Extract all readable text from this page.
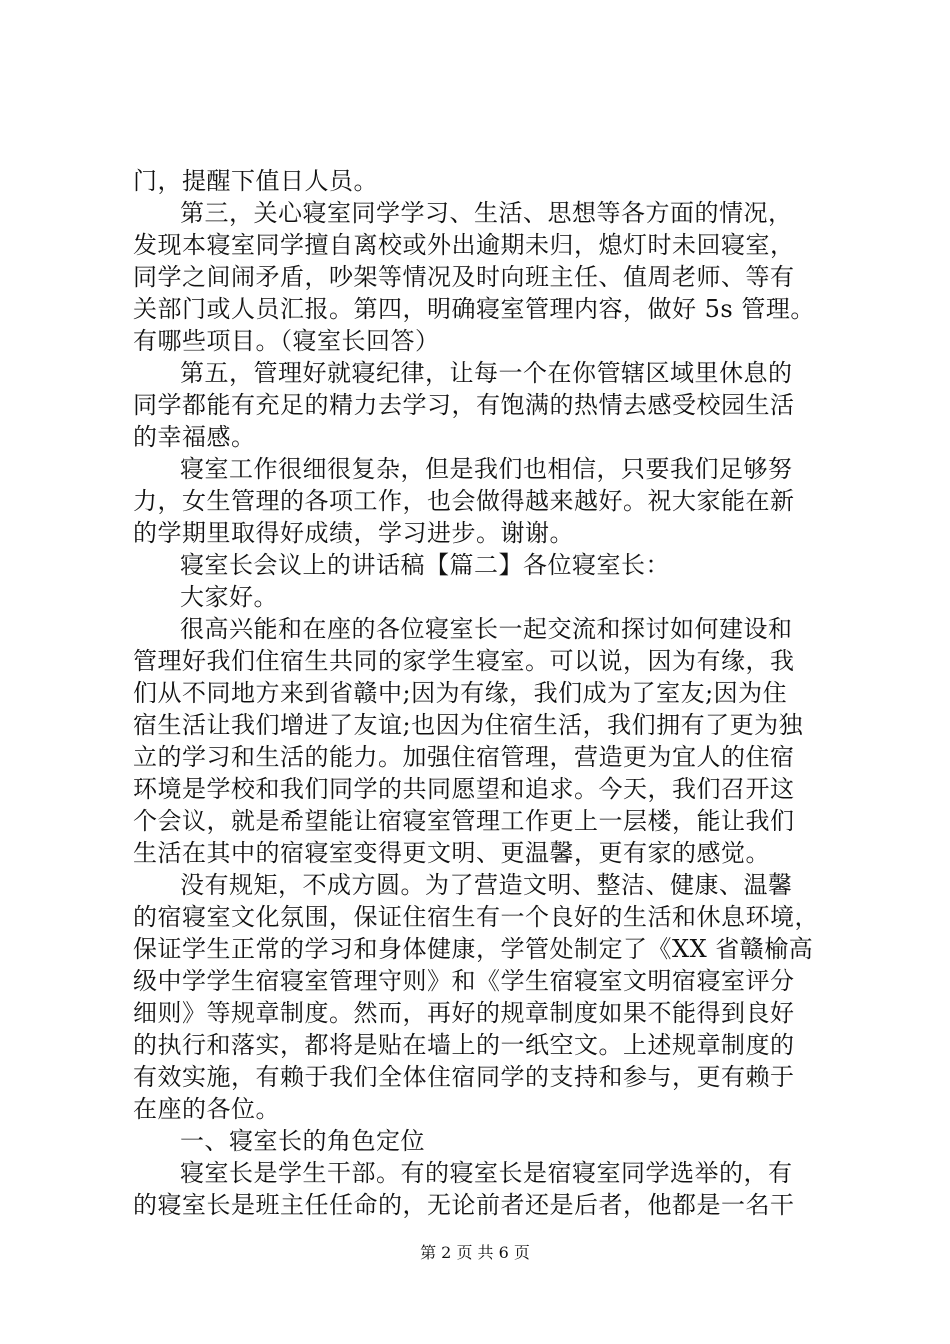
门，提醒下值日人员。
第三，关心寝室同学学习、生活、思想等各方面的情况，
发现本寝室同学擅自离校或外出逾期未归，熄灯时未回寝室，
同学之间闹矛盾，吵架等情况及时向班主任、值周老师、等有
关部门或人员汇报。第四，明确寝室管理内容，做好 5s 管理。
有哪些项目。（寝室长回答）
第五，管理好就寝纪律，让每一个在你管辖区域里休息的
同学都能有充足的精力去学习，有饱满的热情去感受校园生活
的幸福感。
寝室工作很细很复杂，但是我们也相信，只要我们足够努
力，女生管理的各项工作，也会做得越来越好。祝大家能在新
的学期里取得好成绩，学习进步。谢谢。
寝室长会议上的讲话稿【篇二】各位寝室长：
大家好。
很高兴能和在座的各位寝室长一起交流和探讨如何建设和
管理好我们住宿生共同的家学生寝室。可以说，因为有缘，我
们从不同地方来到省赣中;因为有缘，我们成为了室友;因为住
宿生活让我们增进了友谊;也因为住宿生活，我们拥有了更为独
立的学习和生活的能力。加强住宿管理，营造更为宜人的住宿
环境是学校和我们同学的共同愿望和追求。今天，我们召开这
个会议，就是希望能让宿寝室管理工作更上一层楼，能让我们
生活在其中的宿寝室变得更文明、更温馨，更有家的感觉。
没有规矩，不成方圆。为了营造文明、整洁、健康、温馨
的宿寝室文化氛围，保证住宿生有一个良好的生活和休息环境，
保证学生正常的学习和身体健康，学管处制定了《XX 省赣榆高
级中学学生宿寝室管理守则》和《学生宿寝室文明宿寝室评分
细则》等规章制度。然而，再好的规章制度如果不能得到良好
的执行和落实，都将是贴在墙上的一纸空文。上述规章制度的
有效实施，有赖于我们全体住宿同学的支持和参与，更有赖于
在座的各位。
一、寝室长的角色定位
寝室长是学生干部。有的寝室长是宿寝室同学选举的，有
的寝室长是班主任任命的，无论前者还是后者，他都是一名干
第 2 页 共 6 页
